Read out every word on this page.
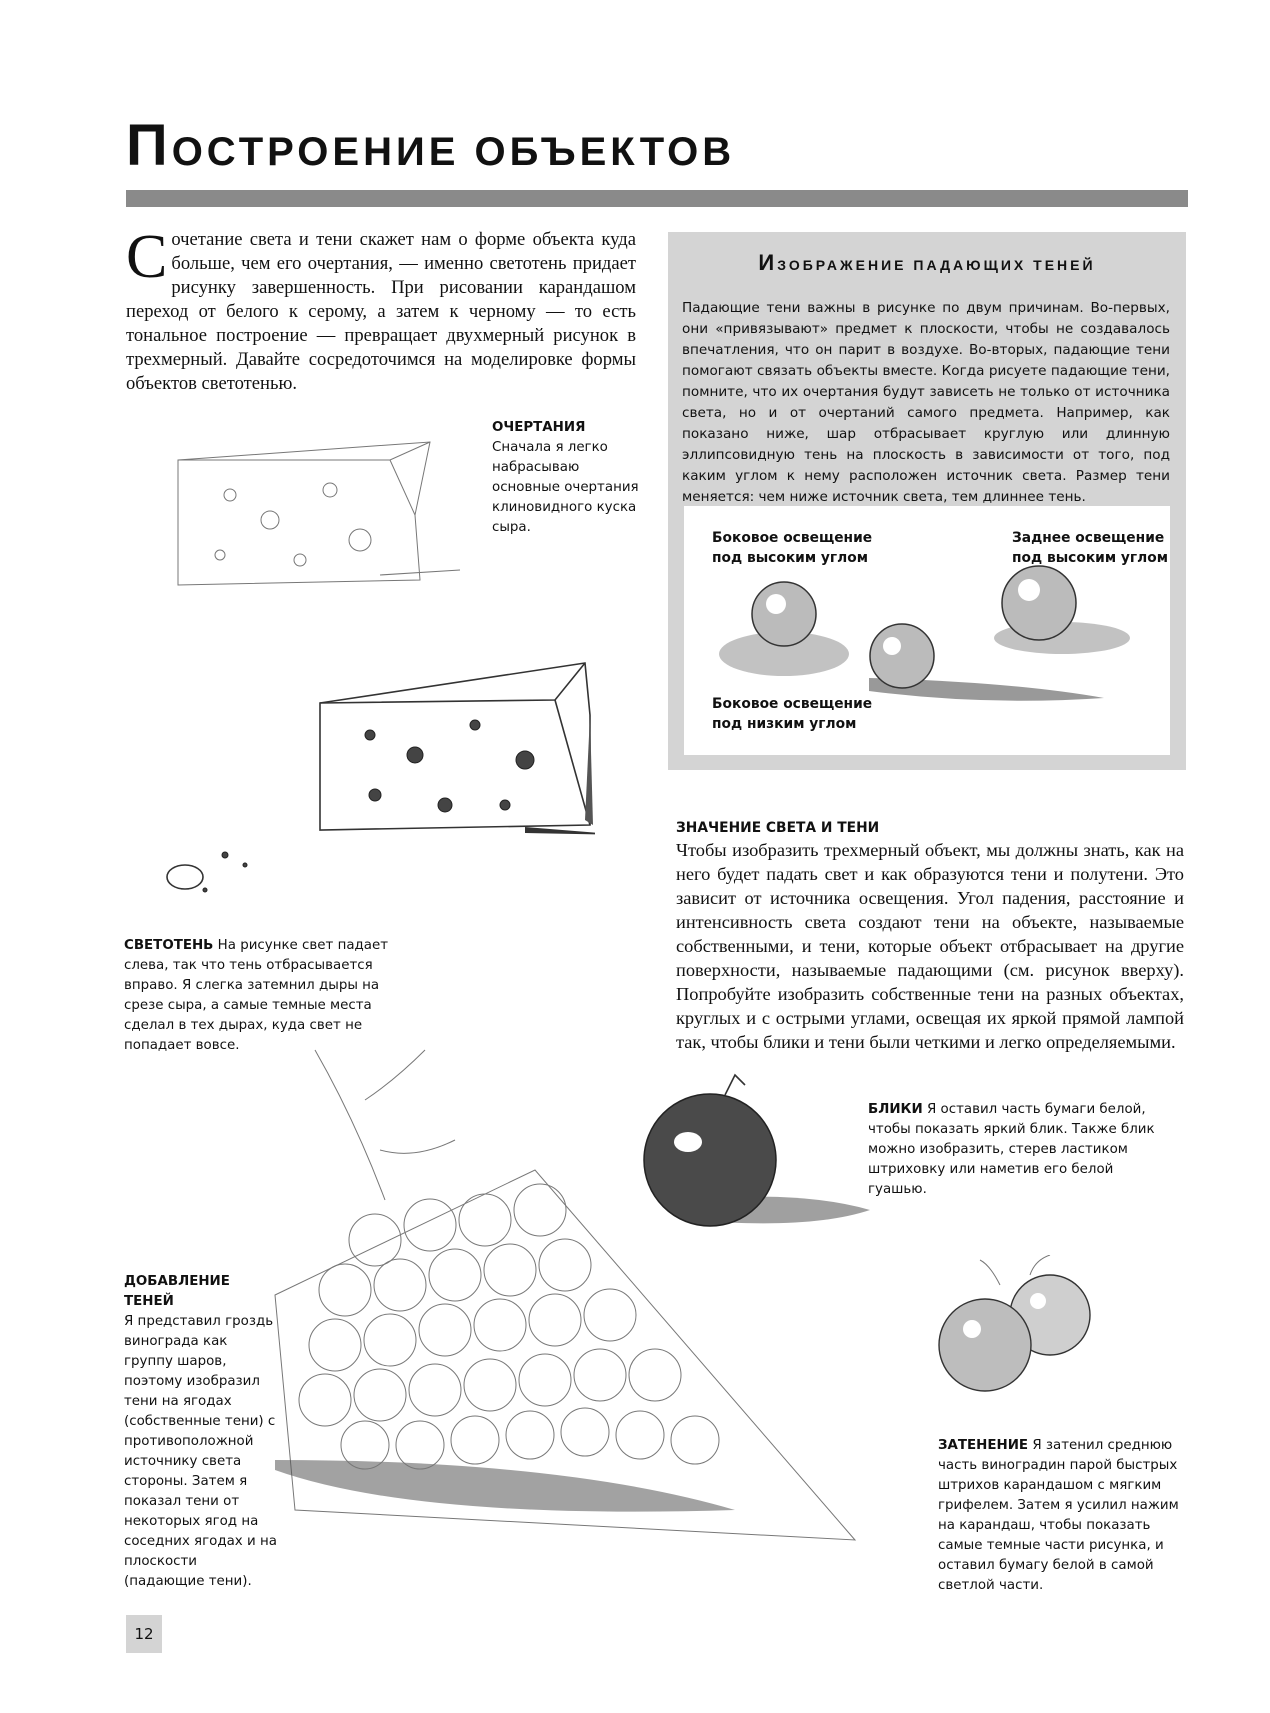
ПОСТРОЕНИЕ ОБЪЕКТОВ
Сочетание света и тени скажет нам о форме объекта куда больше, чем его очертания, — именно светотень придает рисунку завершенность. При рисовании карандашом переход от белого к серому, а затем к черному — то есть тональное построение — превращает двухмерный рисунок в трехмерный. Давайте сосредоточимся на моделировке формы объектов светотенью.
ИЗОБРАЖЕНИЕ ПАДАЮЩИХ ТЕНЕЙ
Падающие тени важны в рисунке по двум причинам. Во-первых, они «привязывают» предмет к плоскости, чтобы не создавалось впечатления, что он парит в воздухе. Во-вторых, падающие тени помогают связать объекты вместе. Когда рисуете падающие тени, помните, что их очертания будут зависеть не только от источника света, но и от очертаний самого предмета. Например, как показано ниже, шар отбрасывает круглую или длинную эллипсовидную тень на плоскость в зависимости от того, под каким углом к нему расположен источник света. Размер тени меняется: чем ниже источник света, тем длиннее тень.
Боковое освещение
под высоким углом
Заднее освещение
под высоким углом
Боковое освещение
под низким углом
ОЧЕРТАНИЯ Сначала я легко набрасываю основные очертания клиновидного куска сыра.
СВЕТОТЕНЬ На рисунке свет падает слева, так что тень отбрасывается вправо. Я слегка затемнил дыры на срезе сыра, а самые темные места сделал в тех дырах, куда свет не попадает вовсе.
ЗНАЧЕНИЕ СВЕТА И ТЕНИ
Чтобы изобразить трехмерный объект, мы должны знать, как на него будет падать свет и как образуются тени и полутени. Это зависит от источника освещения. Угол падения, расстояние и интенсивность света создают тени на объекте, называемые собственными, и тени, которые объект отбрасывает на другие поверхности, называемые падающими (см. рисунок вверху). Попробуйте изобразить собственные тени на разных объектах, круглых и с острыми углами, освещая их яркой прямой лампой так, чтобы блики и тени были четкими и легко определяемыми.
БЛИКИ Я оставил часть бумаги белой, чтобы показать яркий блик. Также блик можно изобразить, стерев ластиком штриховку или наметив его белой гуашью.
ДОБАВЛЕНИЕ ТЕНЕЙ
Я представил гроздь винограда как группу шаров, поэтому изобразил тени на ягодах (собственные тени) с противоположной источнику света стороны. Затем я показал тени от некоторых ягод на соседних ягодах и на плоскости (падающие тени).
ЗАТЕНЕНИЕ Я затенил среднюю часть виноградин парой быстрых штрихов карандашом с мягким грифелем. Затем я усилил нажим на карандаш, чтобы показать самые темные части рисунка, и оставил бумагу белой в самой светлой части.
12
